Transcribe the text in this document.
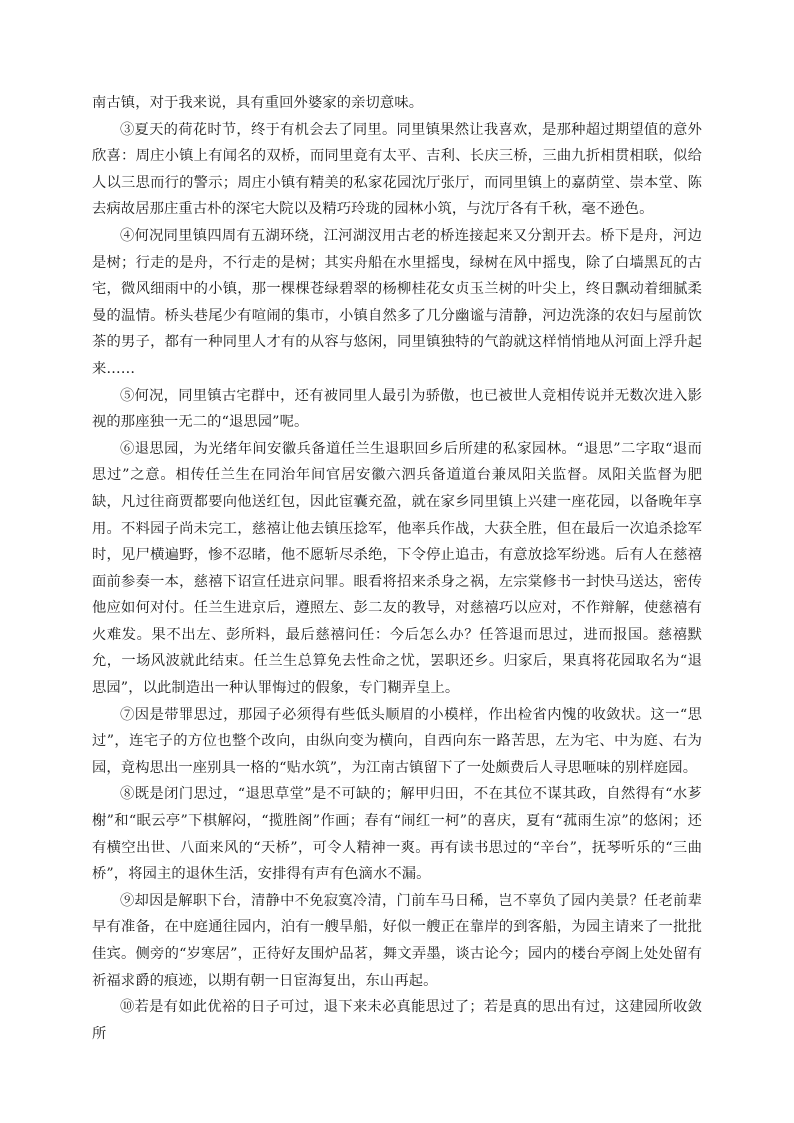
南古镇，对于我来说，具有重回外婆家的亲切意味。

③夏天的荷花时节，终于有机会去了同里。同里镇果然让我喜欢，是那种超过期望值的意外欣喜：周庄小镇上有闻名的双桥，而同里竟有太平、吉利、长庆三桥，三曲九折相贯相联，似给人以三思而行的警示；周庄小镇有精美的私家花园沈厅张厅，而同里镇上的嘉荫堂、崇本堂、陈去病故居那庄重古朴的深宅大院以及精巧玲珑的园林小筑，与沈厅各有千秋，毫不逊色。

④何况同里镇四周有五湖环绕，江河湖汊用古老的桥连接起来又分割开去。桥下是舟，河边是树；行走的是舟，不行走的是树；其实舟船在水里摇曳，绿树在风中摇曳，除了白墙黑瓦的古宅，微风细雨中的小镇，那一棵棵苍绿碧翠的杨柳桂花女贞玉兰树的叶尖上，终日飘动着细腻柔曼的温情。桥头巷尾少有喧闹的集市，小镇自然多了几分幽谧与清静，河边洗涤的农妇与屋前饮茶的男子，都有一种同里人才有的从容与悠闲，同里镇独特的气韵就这样悄悄地从河面上浮升起来……

⑤何况，同里镇古宅群中，还有被同里人最引为骄傲，也已被世人竞相传说并无数次进入影视的那座独一无二的“退思园”呢。

⑥退思园，为光绪年间安徽兵备道任兰生退职回乡后所建的私家园林。“退思”二字取“退而思过”之意。相传任兰生在同治年间官居安徽六泗兵备道道台兼凤阳关监督。凤阳关监督为肥缺，凡过往商贾都要向他送红包，因此宦囊充盈，就在家乡同里镇上兴建一座花园，以备晚年享用。不料园子尚未完工，慈禧让他去镇压捻军，他率兵作战，大获全胜，但在最后一次追杀捻军时，见尸横遍野，惨不忍睹，他不愿斩尽杀绝，下令停止追击，有意放捻军纷逃。后有人在慈禧面前参奏一本，慈禧下诏宣任进京问罪。眼看将招来杀身之祸，左宗棠修书一封快马送达，密传他应如何对付。任兰生进京后，遵照左、彭二友的教导，对慈禧巧以应对，不作辩解，使慈禧有火难发。果不出左、彭所料，最后慈禧问任：今后怎么办？任答退而思过，进而报国。慈禧默允，一场风波就此结束。任兰生总算免去性命之忧，罢职还乡。归家后，果真将花园取名为“退思园”，以此制造出一种认罪悔过的假象，专门糊弄皇上。

⑦因是带罪思过，那园子必须得有些低头顺眉的小模样，作出检省内愧的收敛状。这一“思过”，连宅子的方位也整个改向，由纵向变为横向，自西向东一路苦思，左为宅、中为庭、右为园，竟构思出一座别具一格的“贴水筑”，为江南古镇留下了一处颇费后人寻思咂味的别样庭园。

⑧既是闭门思过，“退思草堂”是不可缺的；解甲归田，不在其位不谋其政，自然得有“水芗榭”和“眠云亭”下棋解闷，“揽胜阁”作画；春有“闹红一柯”的喜庆，夏有“菰雨生凉”的悠闲；还有横空出世、八面来风的“天桥”，可令人精神一爽。再有读书思过的“辛台”，抚琴听乐的“三曲桥”，将园主的退休生活，安排得有声有色滴水不漏。

⑨却因是解职下台，清静中不免寂寞冷清，门前车马日稀，岂不辜负了园内美景？任老前辈早有准备，在中庭通往园内，泊有一艘旱船，好似一艘正在靠岸的到客船，为园主请来了一批批佳宾。侧旁的“岁寒居”，正待好友围炉品茗，舞文弄墨，谈古论今；园内的楼台亭阁上处处留有祈福求爵的痕迹，以期有朝一日宦海复出，东山再起。

⑩若是有如此优裕的日子可过，退下来未必真能思过了；若是真的思出有过，这建园所收敛所
